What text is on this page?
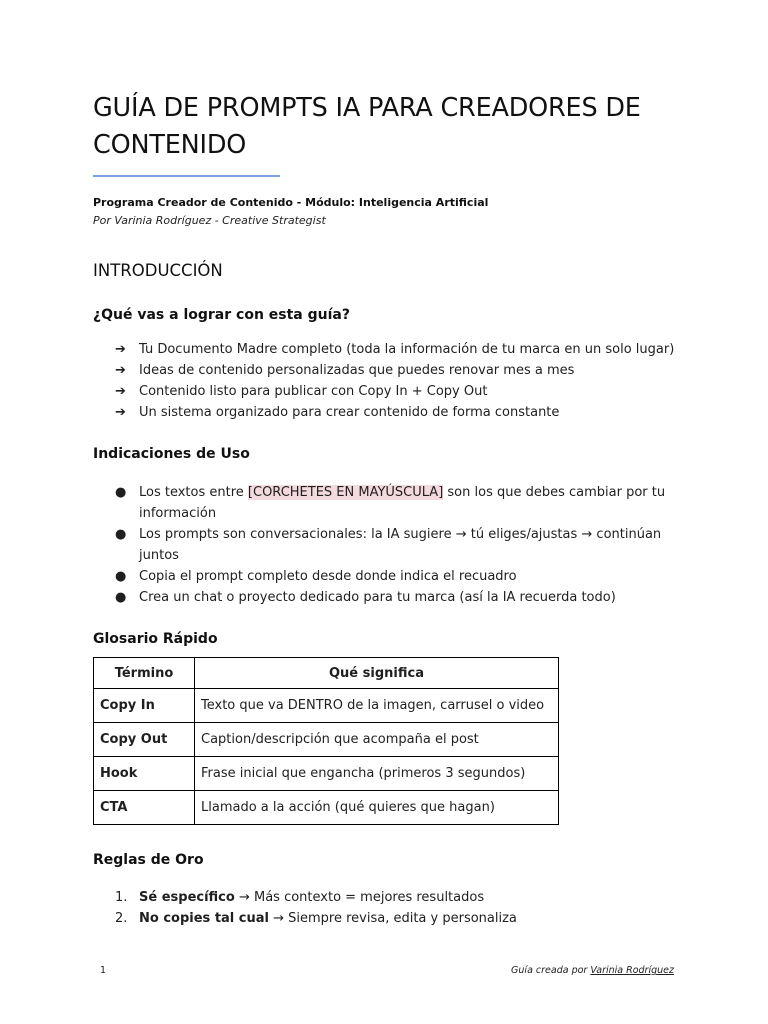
GUÍA DE PROMPTS IA PARA CREADORES DE CONTENIDO
Programa Creador de Contenido - Módulo: Inteligencia Artificial
Por Varinia Rodríguez - Creative Strategist
INTRODUCCIÓN
¿Qué vas a lograr con esta guía?
➔	Tu Documento Madre completo (toda la información de tu marca en un solo lugar)
➔	Ideas de contenido personalizadas que puedes renovar mes a mes
➔	Contenido listo para publicar con Copy In + Copy Out
➔	Un sistema organizado para crear contenido de forma constante
Indicaciones de Uso
● Los textos entre [CORCHETES EN MAYÚSCULA] son los que debes cambiar por tu información
● Los prompts son conversacionales: la IA sugiere → tú eliges/ajustas → continúan juntos
● Copia el prompt completo desde donde indica el recuadro
● Crea un chat o proyecto dedicado para tu marca (así la IA recuerda todo)
Glosario Rápido
Término	Qué significa
Copy In	Texto que va DENTRO de la imagen, carrusel o video
Copy Out	Caption/descripción que acompaña el post
Hook	Frase inicial que engancha (primeros 3 segundos)
CTA	Llamado a la acción (qué quieres que hagan)
Reglas de Oro
1. Sé específico → Más contexto = mejores resultados
2. No copies tal cual → Siempre revisa, edita y personaliza
1	Guía creada por Varinia Rodríguez
